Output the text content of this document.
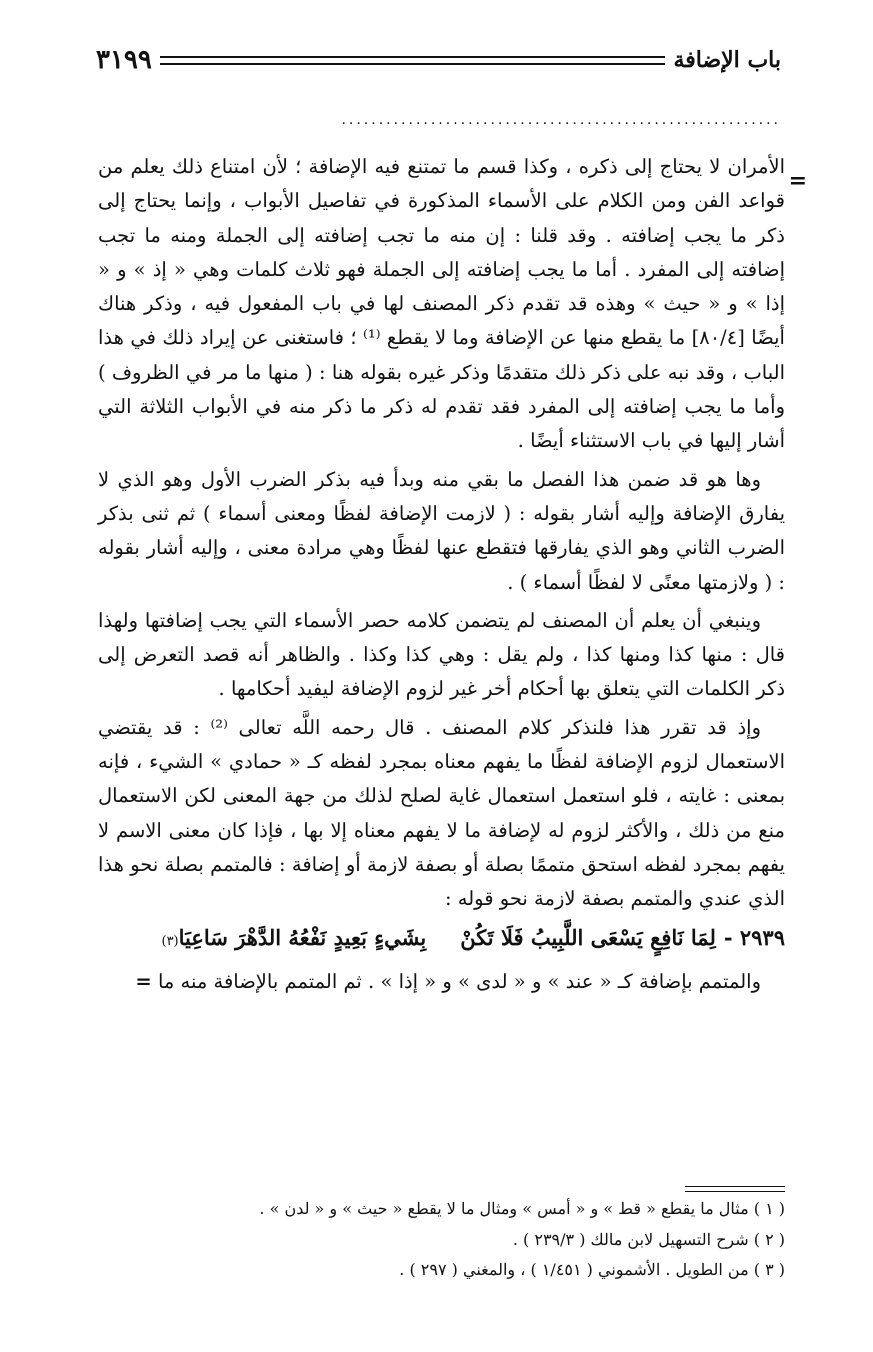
باب الإضافة
٣١٩٩
...........................................................
=

الأمران لا يحتاج إلى ذكره ، وكذا قسم ما تمتنع فيه الإضافة ؛ لأن امتناع ذلك يعلم من قواعد الفن ومن الكلام على الأسماء المذكورة في تفاصيل الأبواب ، وإنما يحتاج إلى ذكر ما يجب إضافته . وقد قلنا : إن منه ما تجب إضافته إلى الجملة ومنه ما تجب إضافته إلى المفرد . أما ما يجب إضافته إلى الجملة فهو ثلاث كلمات وهي « إذ » و « إذا » و « حيث » وهذه قد تقدم ذكر المصنف لها في باب المفعول فيه ، وذكر هناك أيضًا [٨٠/٤] ما يقطع منها عن الإضافة وما لا يقطع ⁽¹⁾ ؛ فاستغنى عن إيراد ذلك في هذا الباب ، وقد نبه على ذكر ذلك متقدمًا وذكر غيره بقوله هنا : ( منها ما مر في الظروف ) وأما ما يجب إضافته إلى المفرد فقد تقدم له ذكر ما ذكر منه في الأبواب الثلاثة التي أشار إليها في باب الاستثناء أيضًا .

وها هو قد ضمن هذا الفصل ما بقي منه وبدأ فيه بذكر الضرب الأول وهو الذي لا يفارق الإضافة وإليه أشار بقوله : ( لازمت الإضافة لفظًا ومعنى أسماء ) ثم ثنى بذكر الضرب الثاني وهو الذي يفارقها فتقطع عنها لفظًا وهي مرادة معنى ، وإليه أشار بقوله : ( ولازمتها معنًى لا لفظًا أسماء ) .

وينبغي أن يعلم أن المصنف لم يتضمن كلامه حصر الأسماء التي يجب إضافتها ولهذا قال : منها كذا ومنها كذا ، ولم يقل : وهي كذا وكذا . والظاهر أنه قصد التعرض إلى ذكر الكلمات التي يتعلق بها أحكام أخر غير لزوم الإضافة ليفيد أحكامها .

وإذ قد تقرر هذا فلنذكر كلام المصنف . قال رحمه اللَّه تعالى ⁽²⁾ : قد يقتضي الاستعمال لزوم الإضافة لفظًا ما يفهم معناه بمجرد لفظه كـ « حمادي » الشيء ، فإنه بمعنى : غايته ، فلو استعمل استعمال غاية لصلح لذلك من جهة المعنى لكن الاستعمال منع من ذلك ، والأكثر لزوم له لإضافة ما لا يفهم معناه إلا بها ، فإذا كان معنى الاسم لا يفهم بمجرد لفظه استحق متممًا بصلة أو بصفة لازمة أو إضافة : فالمتمم بصلة نحو هذا الذي عندي والمتمم بصفة لازمة نحو قوله :

٢٩٣٩ -
لِمَا نَافِعٍ يَسْعَى اللَّبِيبُ فَلَا تَكُنْ
بِشَيءٍ بَعِيدٍ نَفْعُهُ الدَّهْرَ سَاعِيَا
(٣)

والمتمم بإضافة كـ « عند » و « لدى » و « إذا » . ثم المتمم بالإضافة منه ما =

( ١ ) مثال ما يقطع « قط » و « أمس » ومثال ما لا يقطع « حيث » و « لدن » .
( ٢ ) شرح التسهيل لابن مالك ( ٢٣٩/٣ ) .
( ٣ ) من الطويل . الأشموني ( ١/٤٥١ ) ، والمغني ( ٢٩٧ ) .
